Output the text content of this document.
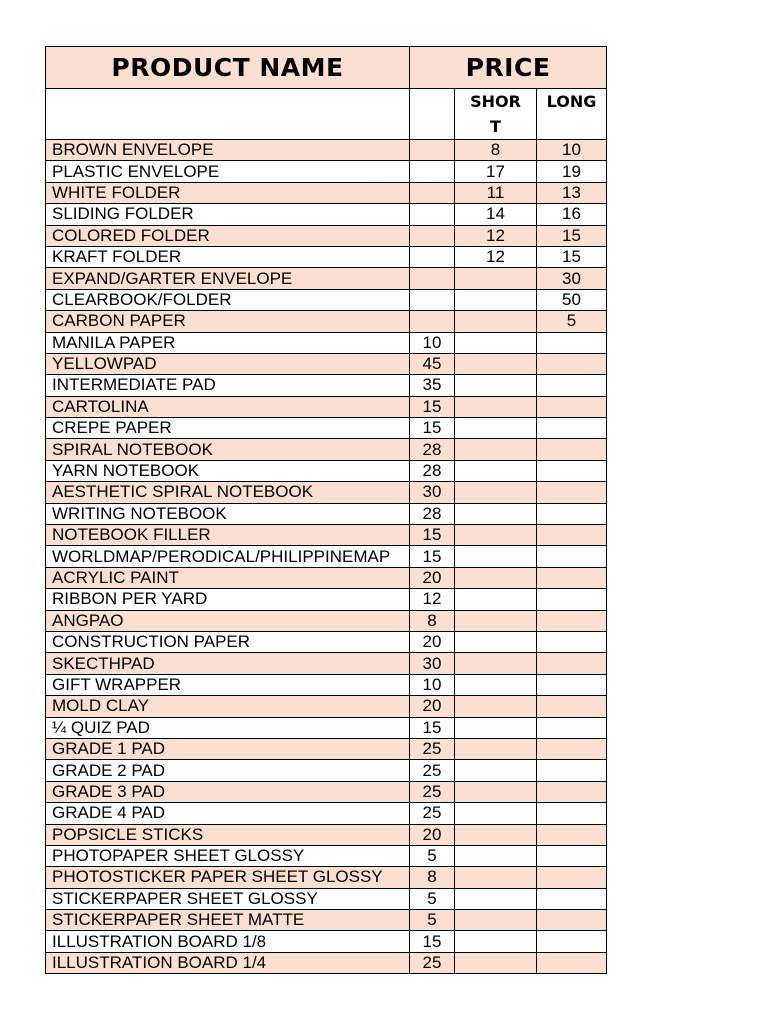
PRODUCT NAME	PRICE		
		SHORT	LONG
BROWN ENVELOPE		8	10
PLASTIC ENVELOPE		17	19
WHITE FOLDER		11	13
SLIDING FOLDER		14	16
COLORED FOLDER		12	15
KRAFT FOLDER		12	15
EXPAND/GARTER ENVELOPE			30
CLEARBOOK/FOLDER			50
CARBON PAPER			5
MANILA PAPER	10		
YELLOWPAD	45		
INTERMEDIATE PAD	35		
CARTOLINA	15		
CREPE PAPER	15		
SPIRAL NOTEBOOK	28		
YARN NOTEBOOK	28		
AESTHETIC SPIRAL NOTEBOOK	30		
WRITING NOTEBOOK	28		
NOTEBOOK FILLER	15		
WORLDMAP/PERODICAL/PHILIPPINEMAP	15		
ACRYLIC PAINT	20		
RIBBON PER YARD	12		
ANGPAO	8		
CONSTRUCTION PAPER	20		
SKECTHPAD	30		
GIFT WRAPPER	10		
MOLD CLAY	20		
¼ QUIZ PAD	15		
GRADE 1 PAD	25		
GRADE 2 PAD	25		
GRADE 3 PAD	25		
GRADE 4 PAD	25		
POPSICLE STICKS	20		
PHOTOPAPER SHEET GLOSSY	5		
PHOTOSTICKER PAPER SHEET GLOSSY	8		
STICKERPAPER SHEET GLOSSY	5		
STICKERPAPER SHEET MATTE	5		
ILLUSTRATION BOARD 1/8	15		
ILLUSTRATION BOARD 1/4	25		
